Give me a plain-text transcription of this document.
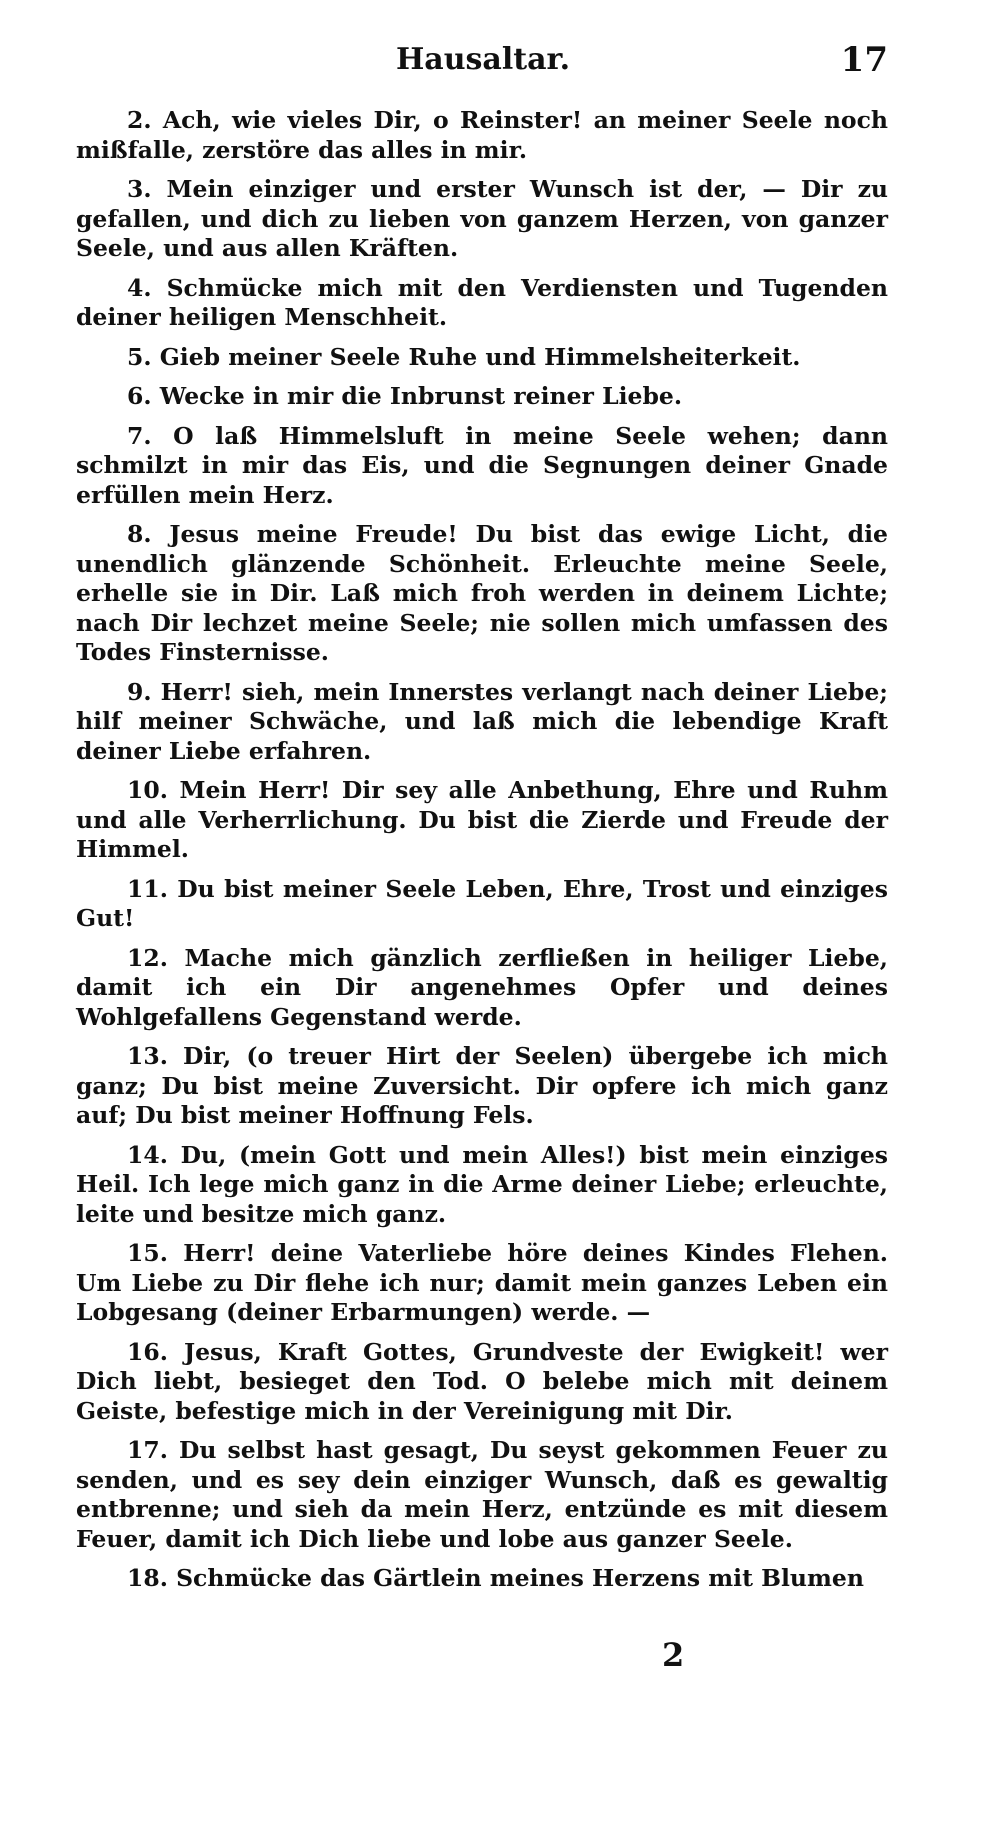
Hausaltar.	17

2. Ach, wie vieles Dir, o Reinster! an meiner Seele noch mißfalle, zerstöre das alles in mir.

3. Mein einziger und erster Wunsch ist der, — Dir zu gefallen, und dich zu lieben von ganzem Herzen, von ganzer Seele, und aus allen Kräften.

4. Schmücke mich mit den Verdiensten und Tugenden deiner heiligen Menschheit.

5. Gieb meiner Seele Ruhe und Himmelsheiterkeit.

6. Wecke in mir die Inbrunst reiner Liebe.

7. O laß Himmelsluft in meine Seele wehen; dann schmilzt in mir das Eis, und die Segnungen deiner Gnade erfüllen mein Herz.

8. Jesus meine Freude! Du bist das ewige Licht, die unendlich glänzende Schönheit. Erleuchte meine Seele, erhelle sie in Dir. Laß mich froh werden in deinem Lichte; nach Dir lechzet meine Seele; nie sollen mich umfassen des Todes Finsternisse.

9. Herr! sieh, mein Innerstes verlangt nach deiner Liebe; hilf meiner Schwäche, und laß mich die lebendige Kraft deiner Liebe erfahren.

10. Mein Herr! Dir sey alle Anbethung, Ehre und Ruhm und alle Verherrlichung. Du bist die Zierde und Freude der Himmel.

11. Du bist meiner Seele Leben, Ehre, Trost und einziges Gut!

12. Mache mich gänzlich zerfließen in heiliger Liebe, damit ich ein Dir angenehmes Opfer und deines Wohlgefallens Gegenstand werde.

13. Dir, (o treuer Hirt der Seelen) übergebe ich mich ganz; Du bist meine Zuversicht. Dir opfere ich mich ganz auf; Du bist meiner Hoffnung Fels.

14. Du, (mein Gott und mein Alles!) bist mein einziges Heil. Ich lege mich ganz in die Arme deiner Liebe; erleuchte, leite und besitze mich ganz.

15. Herr! deine Vaterliebe höre deines Kindes Flehen. Um Liebe zu Dir flehe ich nur; damit mein ganzes Leben ein Lobgesang (deiner Erbarmungen) werde. —

16. Jesus, Kraft Gottes, Grundveste der Ewigkeit! wer Dich liebt, besieget den Tod. O belebe mich mit deinem Geiste, befestige mich in der Vereinigung mit Dir.

17. Du selbst hast gesagt, Du seyst gekommen Feuer zu senden, und es sey dein einziger Wunsch, daß es gewaltig entbrenne; und sieh da mein Herz, entzünde es mit diesem Feuer, damit ich Dich liebe und lobe aus ganzer Seele.

18. Schmücke das Gärtlein meines Herzens mit Blumen

2
